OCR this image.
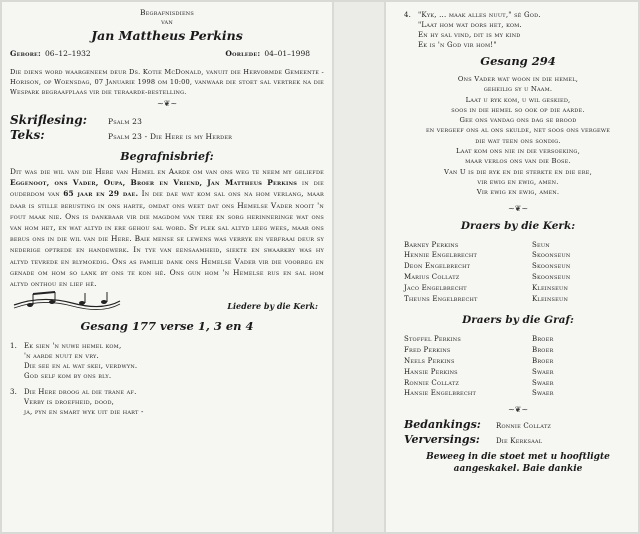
Begrafnisdiens
van
Jan Mattheus Perkins
Gebore: 06–12–1932	Oorlede: 04–01–1998

Die diens word waargeneem deur Ds. Kotie McDonald, vanuit die Hervormde Gemeente - Horison, op Woensdag, 07 Januarie 1998 om 10:00, vanwaar die stoet sal vertrek na die Wespark begraafplaas vir die teraarde-bestelling.

~❦~
Skriflesing:	Psalm 23
Teks:	Psalm 23 - Die Here is my Herder
Begrafnisbrief:
Dit was die wil van die Here van Hemel en Aarde om van ons weg te neem my geliefde Eggenoot, ons Vader, Oupa, Broer en Vriend, Jan Mattheus Perkins in die ouderdom van 65 jaar en 29 dae. In die dae wat kom sal ons na hom verlang, maar daar is stille berusting in ons harte, omdat ons weet dat ons Hemelse Vader nooit 'n fout maak nie. Ons is dankbaar vir die magdom van tere en sorg herinneringe wat ons van hom het, en wat altyd in ere gehou sal word. Sy plek sal altyd leeg wees, maar ons berus ons in die wil van die Here. Baie mense se lewens was verryk en verfraai deur sy nederige optrede en handewerk. In tye van eensaamheid, siekte en swaarkry was hy altyd tevrede en blymoedig. Ons as familie dank ons Hemelse Vader vir die voorreg en genade om hom so lank by ons te kon hê. Ons gun hom 'n Hemelse rus en sal hom altyd onthou en lief hê.
Liedere by die Kerk:
Gesang 177 verse 1, 3 en 4
1. Ek sien 'n nuwe hemel kom,
'n aarde nuut en vry.
Die see en al wat skei, verdwyn.
God self kom by ons bly.
3. Die Here droog al die trane af.
Verby is droefheid, dood,
ja, pyn en smart wyk uit die hart -
4. "Kyk, ... maak alles nuut," sê God.
"Laat hom wat dors het, kom.
En hy sal vind, dit is my kind
Ek is 'n God vir hom!"
Gesang 294
Ons Vader wat woon in die hemel,
geheilig sy u Naam.
Laat u ryk kom, u wil geskied,
soos in die hemel so ook op die aarde.
Gee ons vandag ons dag se brood
en vergeef ons al ons skulde, net soos ons vergewe
die wat teen ons sondig.
Laat kom ons nie in die versoeking,
maar verlos ons van die Bose.
Van U is die ryk en die sterkte en die ere,
vir ewig en ewig, amen.
Vir ewig en ewig, amen.
~❦~
Draers by die Kerk:
Barney Perkins	Seun
Hennie Engelbrecht	Skoonseun
Deon Engelbrecht	Skoonseun
Marius Collatz	Skoonseun
Jaco Engelbrecht	Kleinseun
Theuns Engelbrecht	Kleinseun
Draers by die Graf:
Stoffel Perkins	Broer
Fred Perkins	Broer
Neels Perkins	Broer
Hansie Perkins	Swaer
Ronnie Collatz	Swaer
Hansie Engelbrecht	Swaer
~❦~
Bedankings:	Ronnie Collatz
Verversings:	Die Kerksaal
Beweeg in die stoet met u hooftligte
aangeskakel. Baie dankie
